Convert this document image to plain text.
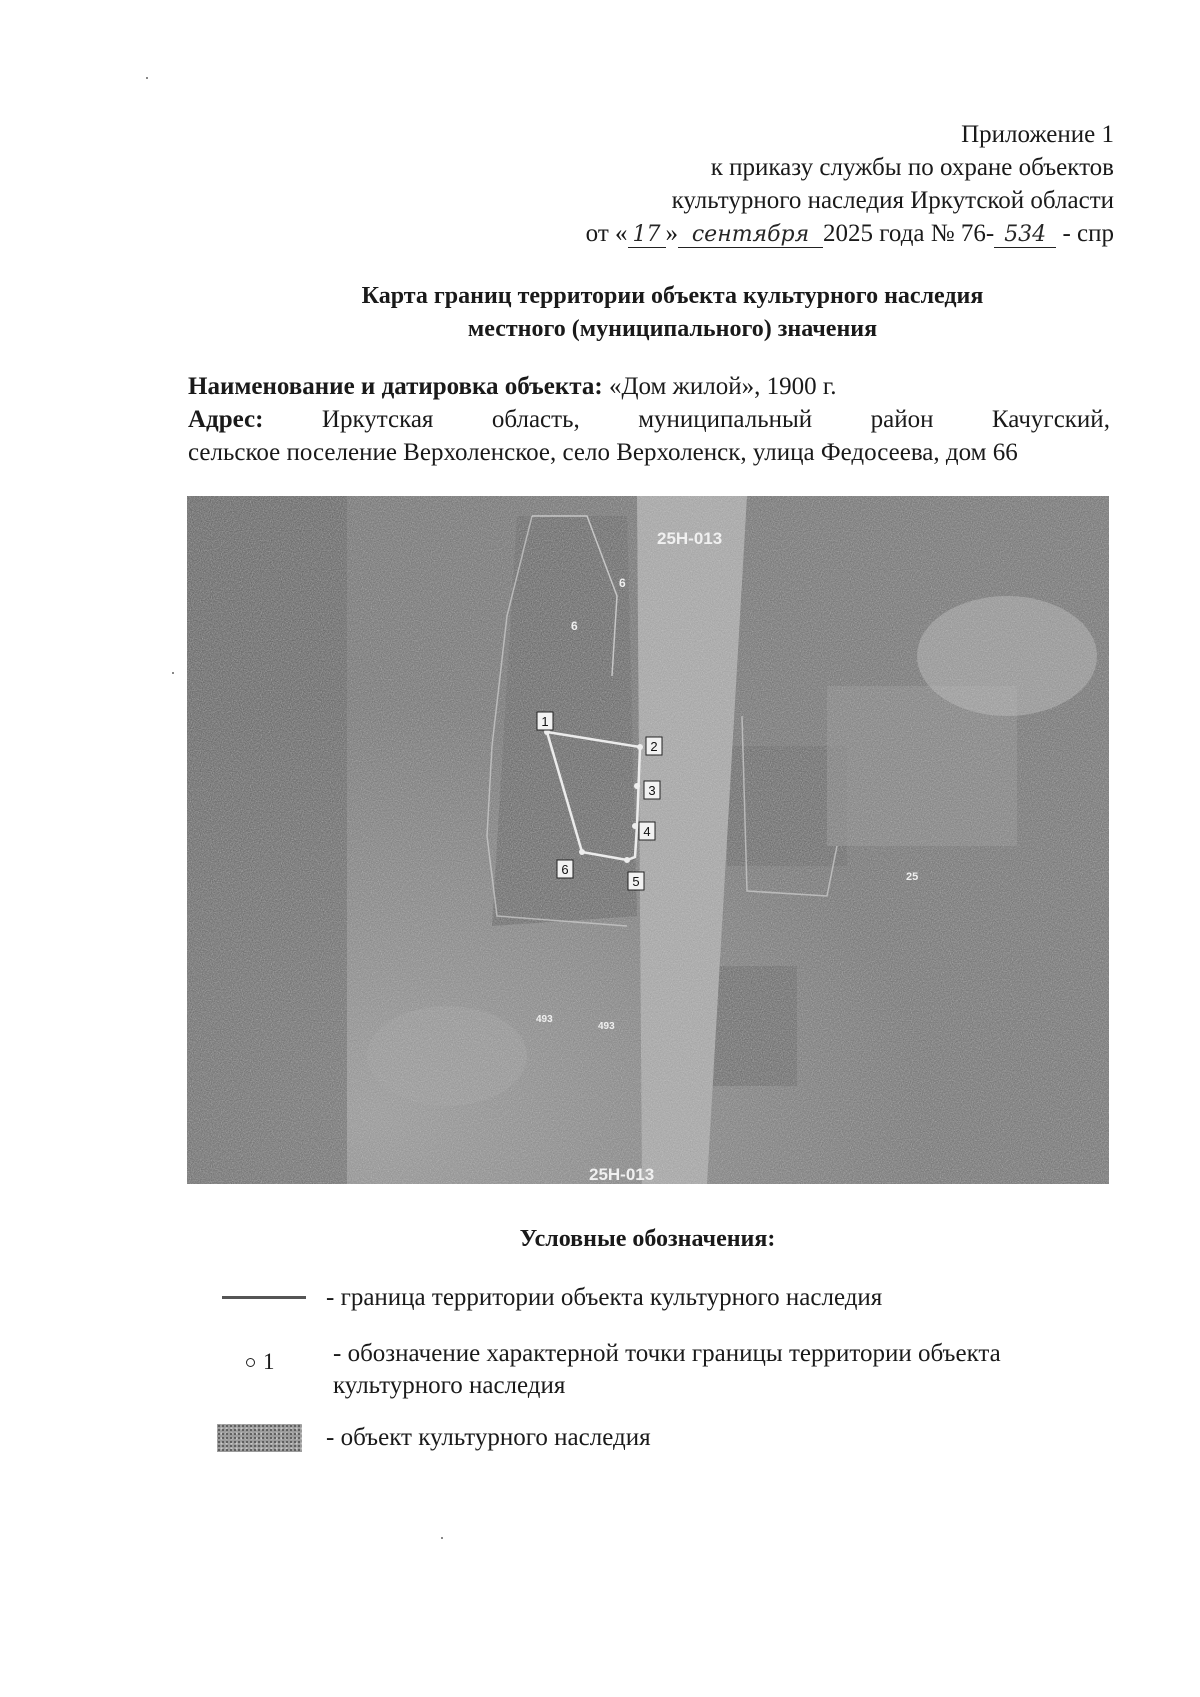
Приложение 1
к приказу службы по охране объектов
культурного наследия Иркутской области
от « 17 » сентября 2025 года № 76- 534 - спр
Карта границ территории объекта культурного наследия
местного (муниципального) значения
Наименование и датировка объекта: «Дом жилой», 1900 г.
Адрес: Иркутская область, муниципальный район Качугский,
сельское поселение Верхоленское, село Верхоленск, улица Федосеева, дом 66
1
2
3
4
5
6
25Н-013
25Н-013
6
6
25
493
493
Условные обозначения:
- граница территории объекта культурного наследия
1 - обозначение характерной точки границы территории объекта
культурного наследия
- объект культурного наследия
